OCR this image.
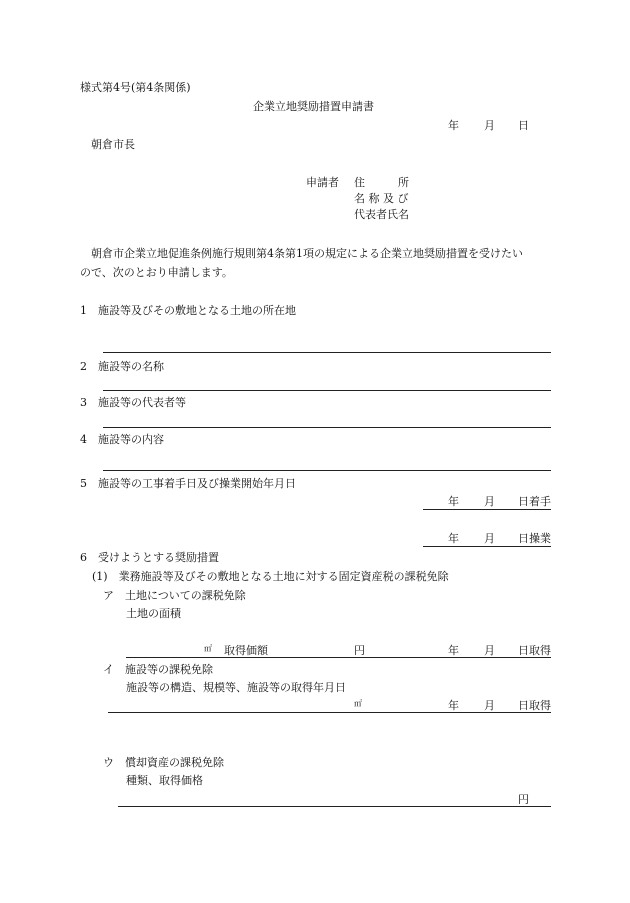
様式第4号(第4条関係)
企業立地奨励措置申請書
年 月 日
朝倉市長
申請者 住　　　所
名 称 及 び
代表者氏名
朝倉市企業立地促進条例施行規則第4条第1項の規定による企業立地奨励措置を受けたい
ので、次のとおり申請します。
1　施設等及びその敷地となる土地の所在地
2　施設等の名称
3　施設等の代表者等
4　施設等の内容
5　施設等の工事着手日及び操業開始年月日
年 月 日着手
年 月 日操業
6　受けようとする奨励措置
(1)　業務施設等及びその敷地となる土地に対する固定資産税の課税免除
ア　土地についての課税免除
土地の面積
㎡ 取得価額	円	年 月 日取得
イ　施設等の課税免除
施設等の構造、規模等、施設等の取得年月日
㎡	年 月 日取得
ウ　償却資産の課税免除
種類、取得価格
円
